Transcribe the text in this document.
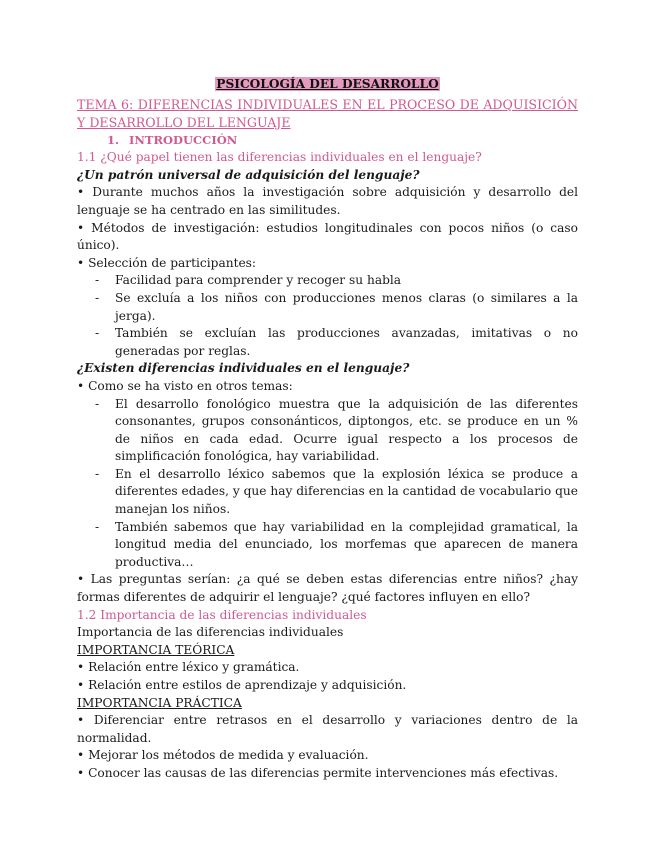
PSICOLOGÍA DEL DESARROLLO

TEMA 6: DIFERENCIAS INDIVIDUALES EN EL PROCESO DE ADQUISICIÓN Y DESARROLLO DEL LENGUAJE

1. INTRODUCCIÓN

1.1 ¿Qué papel tienen las diferencias individuales en el lenguaje?

¿Un patrón universal de adquisición del lenguaje?

• Durante muchos años la investigación sobre adquisición y desarrollo del lenguaje se ha centrado en las similitudes.

• Métodos de investigación: estudios longitudinales con pocos niños (o caso único).

• Selección de participantes:

- Facilidad para comprender y recoger su habla
- Se excluía a los niños con producciones menos claras (o similares a la jerga).
- También se excluían las producciones avanzadas, imitativas o no generadas por reglas.

¿Existen diferencias individuales en el lenguaje?

• Como se ha visto en otros temas:

- El desarrollo fonológico muestra que la adquisición de las diferentes consonantes, grupos consonánticos, diptongos, etc. se produce en un % de niños en cada edad. Ocurre igual respecto a los procesos de simplificación fonológica, hay variabilidad.
- En el desarrollo léxico sabemos que la explosión léxica se produce a diferentes edades, y que hay diferencias en la cantidad de vocabulario que manejan los niños.
- También sabemos que hay variabilidad en la complejidad gramatical, la longitud media del enunciado, los morfemas que aparecen de manera productiva…

• Las preguntas serían: ¿a qué se deben estas diferencias entre niños? ¿hay formas diferentes de adquirir el lenguaje? ¿qué factores influyen en ello?

1.2 Importancia de las diferencias individuales

Importancia de las diferencias individuales

IMPORTANCIA TEÓRICA

• Relación entre léxico y gramática.

• Relación entre estilos de aprendizaje y adquisición.

IMPORTANCIA PRÁCTICA

• Diferenciar entre retrasos en el desarrollo y variaciones dentro de la normalidad.

• Mejorar los métodos de medida y evaluación.

• Conocer las causas de las diferencias permite intervenciones más efectivas.
